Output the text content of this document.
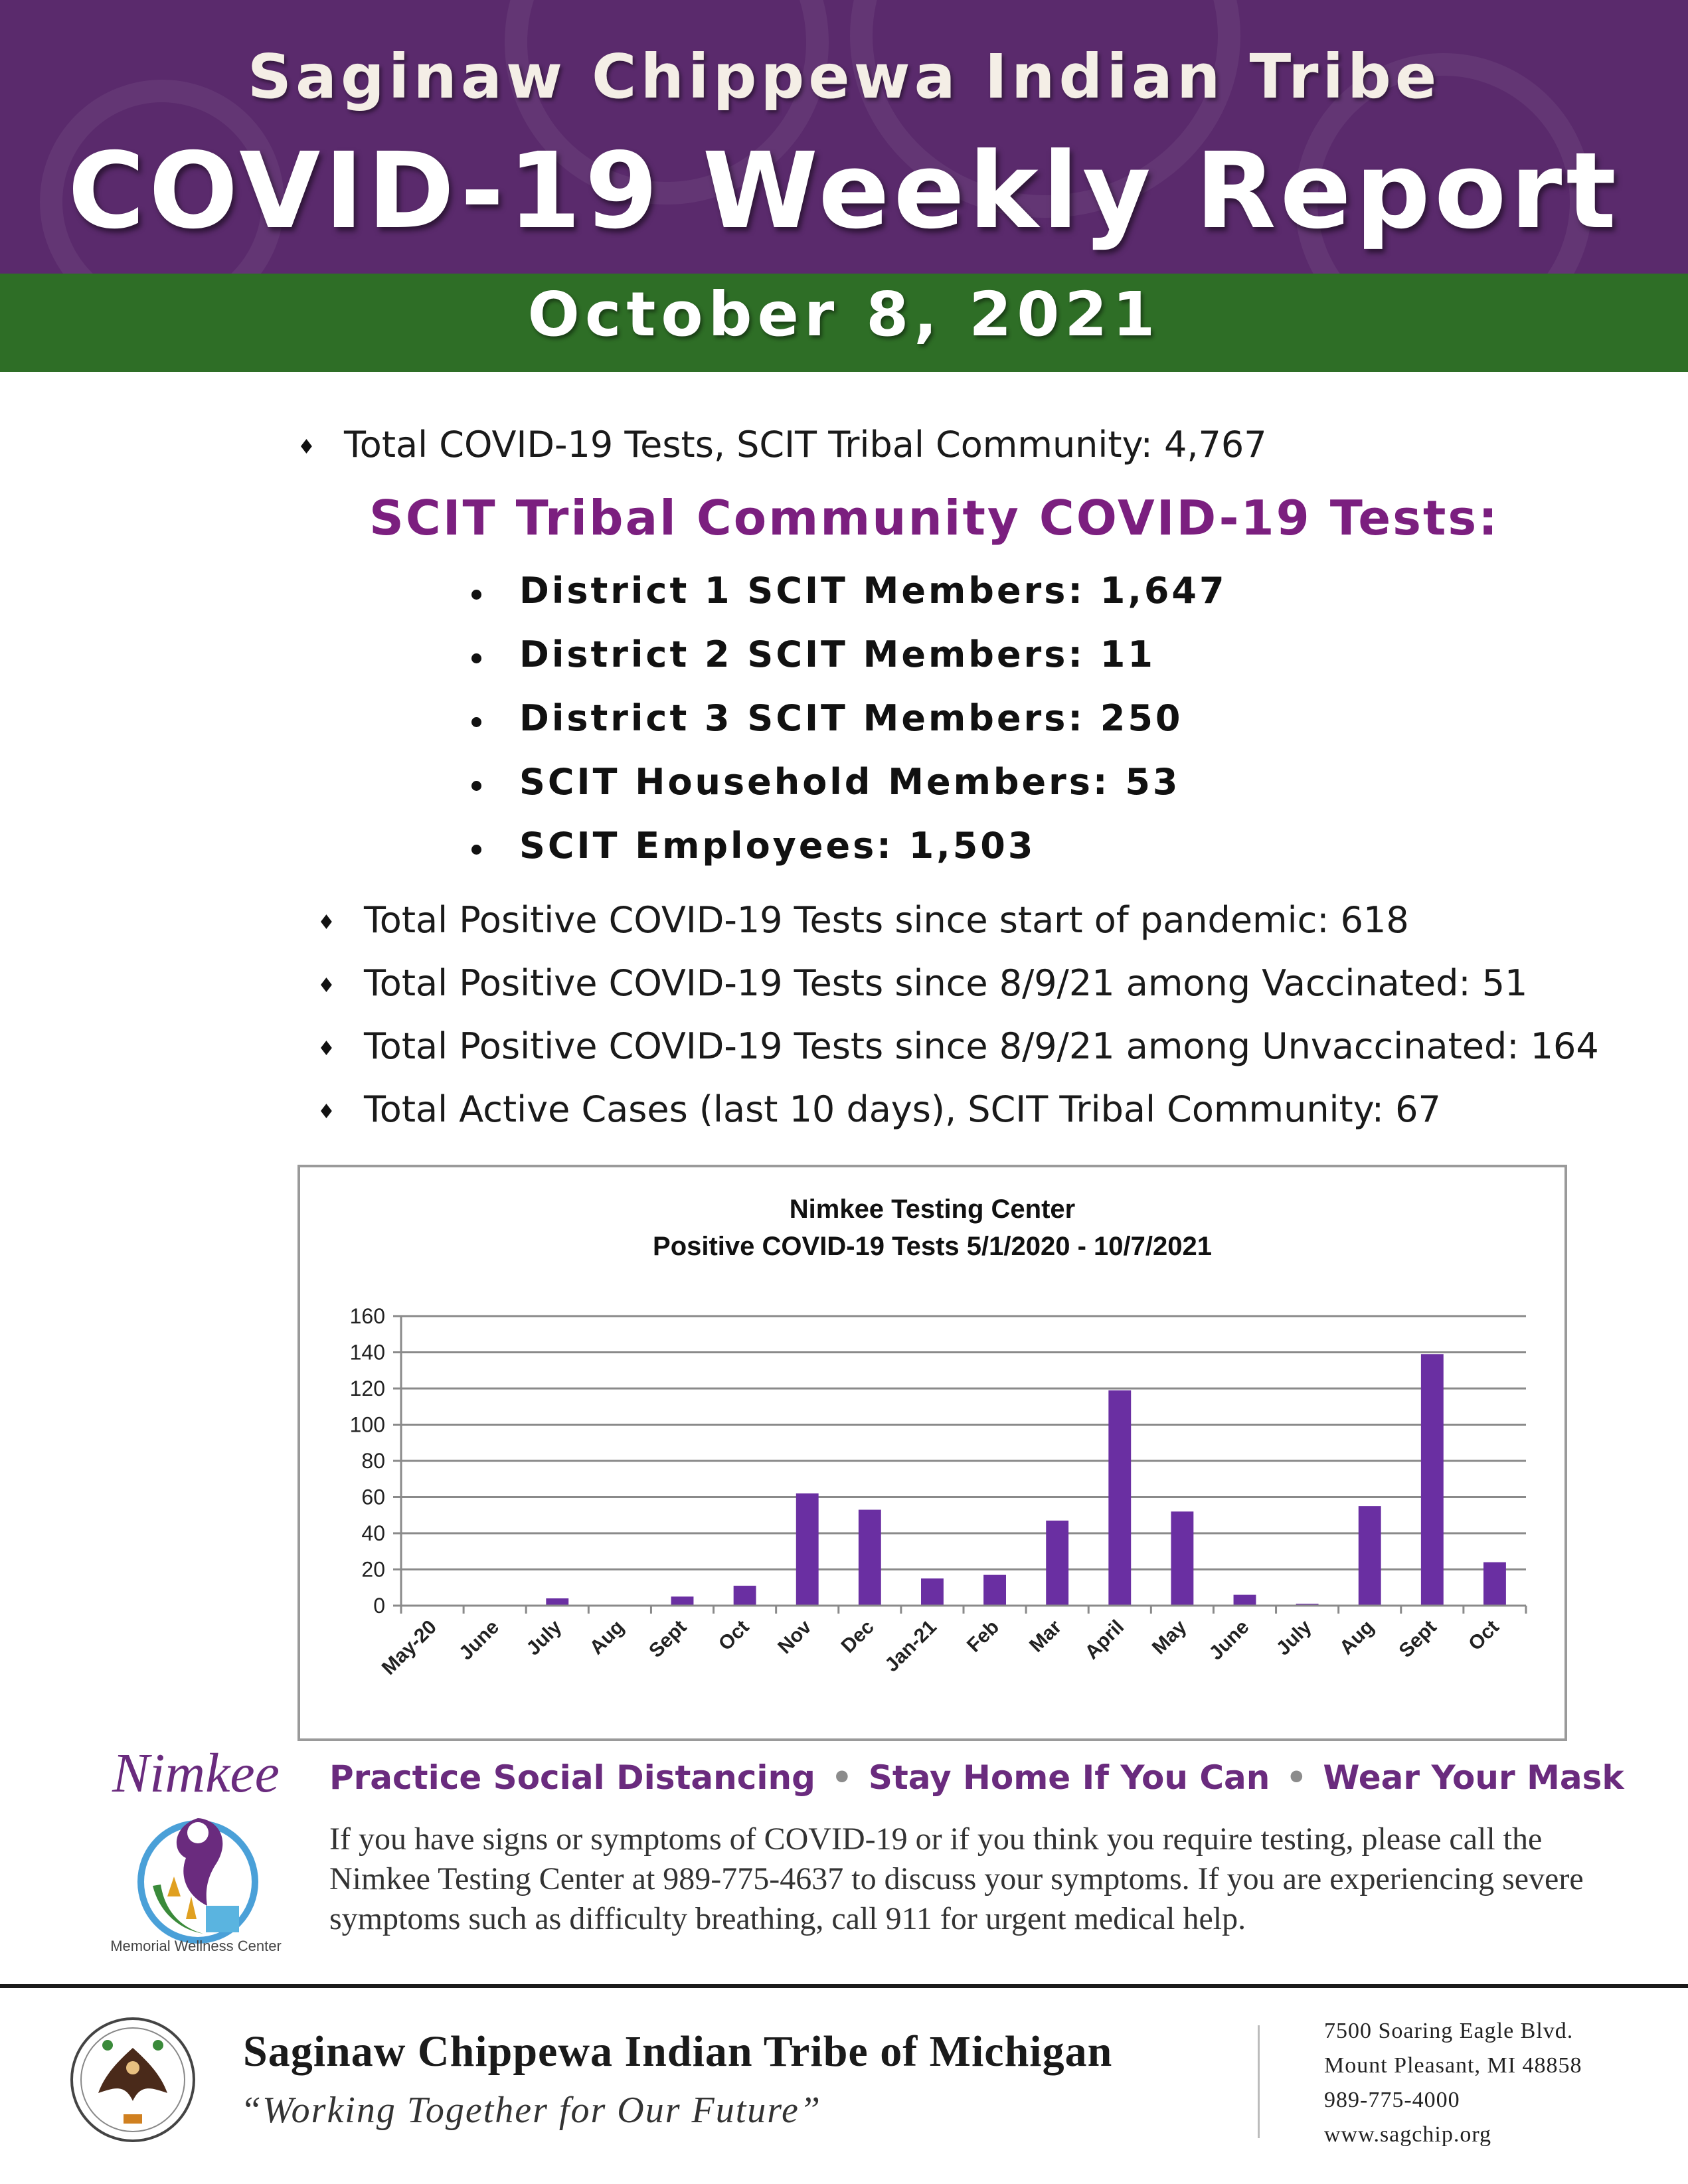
Saginaw Chippewa Indian Tribe
COVID-19 Weekly Report
October 8, 2021
♦ Total COVID-19 Tests, SCIT Tribal Community: 4,767
SCIT Tribal Community COVID-19 Tests:
District 1 SCIT Members: 1,647
District 2 SCIT Members: 11
District 3 SCIT Members: 250
SCIT Household Members: 53
SCIT Employees: 1,503
♦ Total Positive COVID-19 Tests since start of pandemic: 618
♦ Total Positive COVID-19 Tests since 8/9/21 among Vaccinated: 51
♦ Total Positive COVID-19 Tests since 8/9/21 among Unvaccinated: 164
♦ Total Active Cases (last 10 days), SCIT Tribal Community: 67
Nimkee Testing Center
Positive COVID-19 Tests 5/1/2020 - 10/7/2021
0
20
40
60
80
100
120
140
160
May-20 June July Aug Sept Oct Nov Dec Jan-21 Feb Mar April May June July Aug Sept Oct
Nimkee
Memorial Wellness Center
Practice Social Distancing • Stay Home If You Can • Wear Your Mask
If you have signs or symptoms of COVID-19 or if you think you require testing, please call the Nimkee Testing Center at 989-775-4637 to discuss your symptoms. If you are experiencing severe symptoms such as difficulty breathing, call 911 for urgent medical help.
Saginaw Chippewa Indian Tribe of Michigan
“Working Together for Our Future”
7500 Soaring Eagle Blvd.
Mount Pleasant, MI 48858
989-775-4000
www.sagchip.org
